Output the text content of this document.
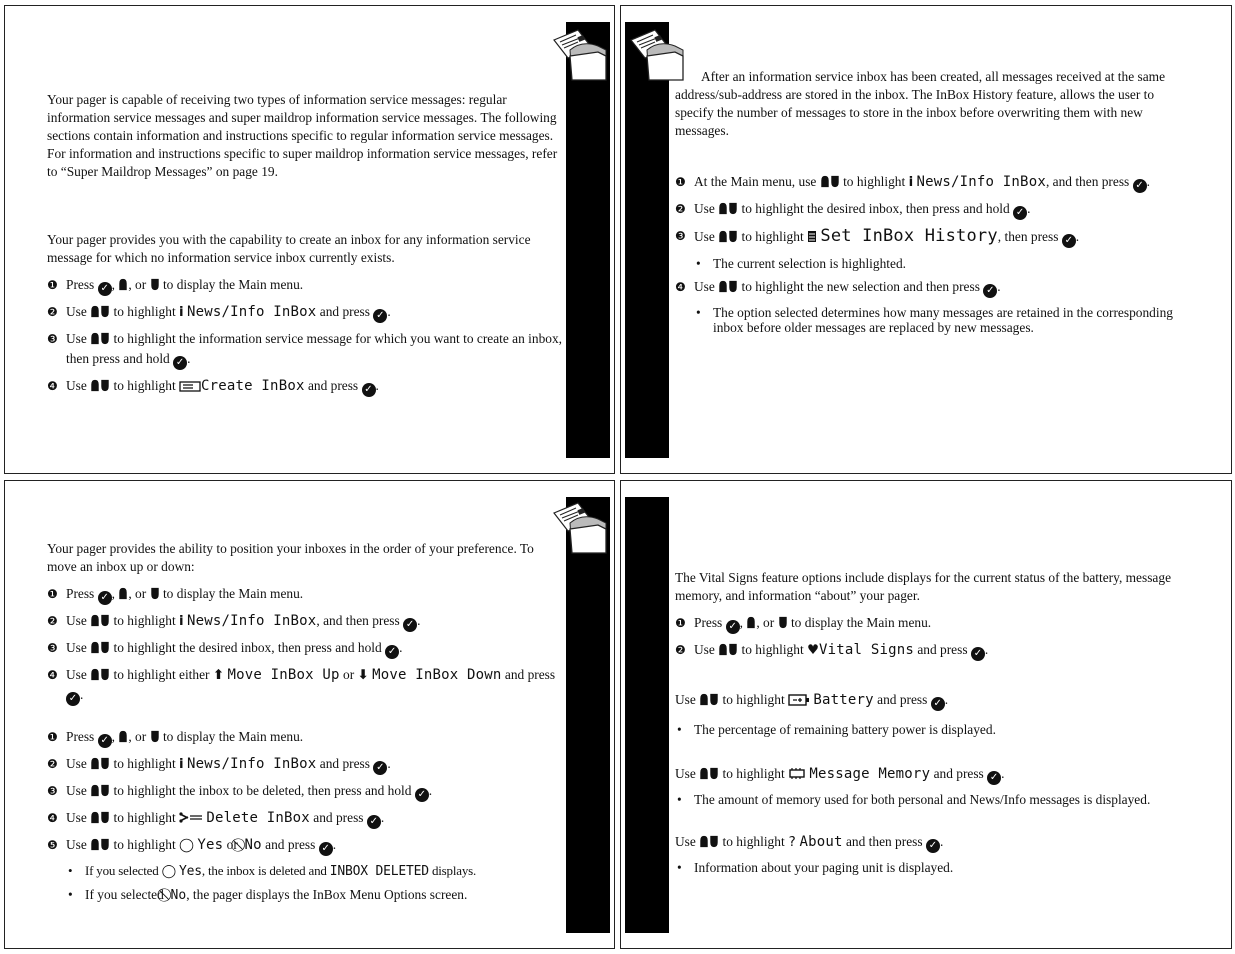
Your pager is capable of receiving two types of information service messages: regular information service messages and super maildrop information service messages. The following sections contain information and instructions specific to regular information service messages. For information and instructions specific to super maildrop information service messages, refer to “Super Maildrop Messages” on page 19.

Your pager provides you with the capability to create an inbox for any information service message for which no information service inbox currently exists.

❶ Press ✓ , , or to display the Main menu.
❷ Use to highlight i News/Info InBox and press ✓ .
❸ Use to highlight the information service message for which you want to create an inbox, then press and hold ✓ .
❹ Use to highlight Create InBox and press ✓ .

After an information service inbox has been created, all messages received at the same address/sub-address are stored in the inbox. The InBox History feature, allows the user to specify the number of messages to store in the inbox before overwriting them with new messages.

❶ At the Main menu, use to highlight i News/Info InBox, and then press ✓ .
❷ Use to highlight the desired inbox, then press and hold ✓ .
❸ Use to highlight Set InBox History, then press ✓ .
• The current selection is highlighted.
❹ Use to highlight the new selection and then press ✓ .
• The option selected determines how many messages are retained in the corresponding inbox before older messages are replaced by new messages.

Your pager provides the ability to position your inboxes in the order of your preference. To move an inbox up or down:

❶ Press ✓ , , or to display the Main menu.
❷ Use to highlight i News/Info InBox, and then press ✓ .
❸ Use to highlight the desired inbox, then press and hold ✓ .
❹ Use to highlight either ⬆ Move InBox Up or ⬇ Move InBox Down and press ✓ .
❶ Press ✓ , , or to display the Main menu.
❷ Use to highlight i News/Info InBox and press ✓ .
❸ Use to highlight the inbox to be deleted, then press and hold ✓ .
❹ Use to highlight Delete InBox and press ✓ .
❺ Use to highlight ◯ Yes or No and press ✓ .
• If you selected ◯ Yes, the inbox is deleted and INBOX DELETED displays.
• If you selected No, the pager displays the InBox Menu Options screen.

The Vital Signs feature options include displays for the current status of the battery, message memory, and information “about” your pager.

❶ Press ✓ , , or to display the Main menu.
❷ Use to highlight ♥Vital Signs and press ✓ .
Use to highlight Battery and press ✓ .
• The percentage of remaining battery power is displayed.
Use to highlight Message Memory and press ✓ .
• The amount of memory used for both personal and News/Info messages is displayed.
Use to highlight ? About and then press ✓ .
• Information about your paging unit is displayed.
